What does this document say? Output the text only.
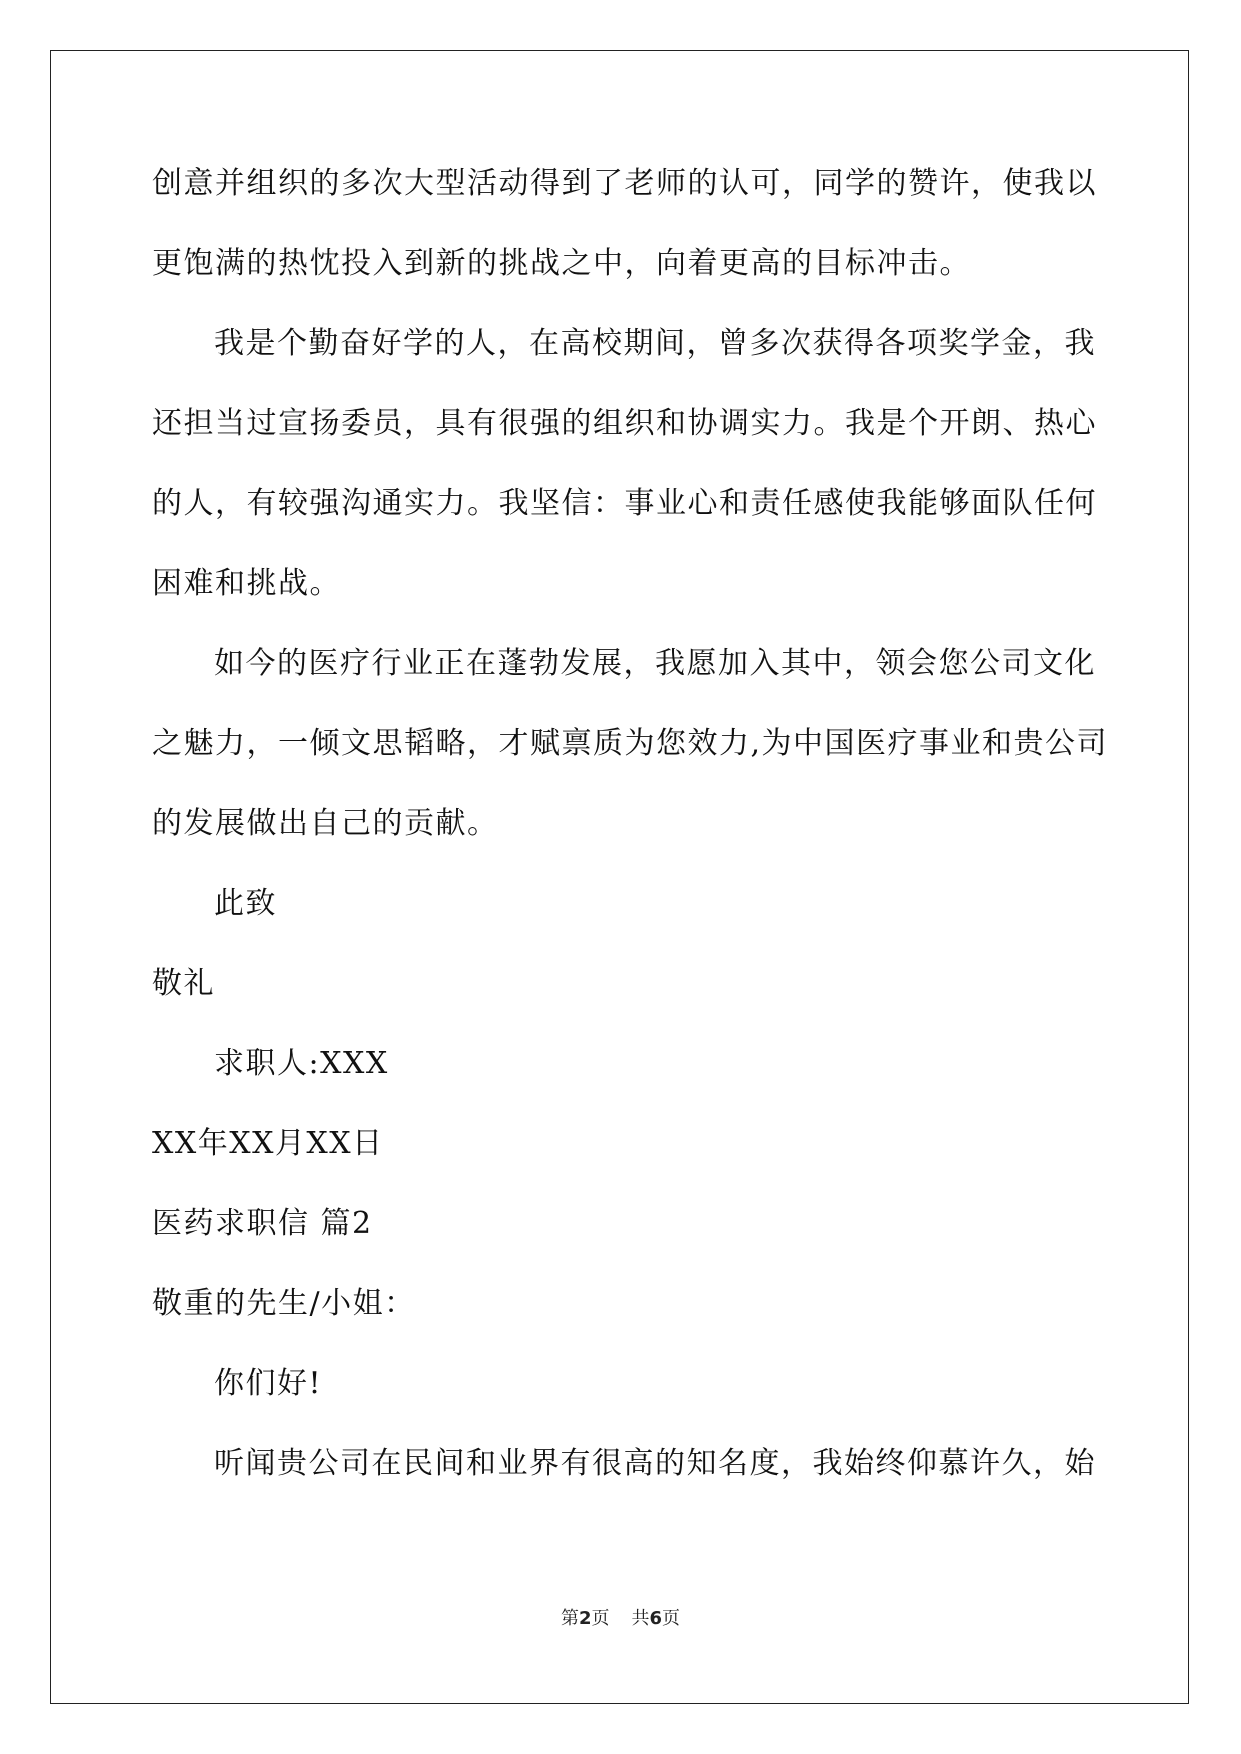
创意并组织的多次大型活动得到了老师的认可，同学的赞许，使我以
更饱满的热忱投入到新的挑战之中，向着更高的目标冲击。
我是个勤奋好学的人，在高校期间，曾多次获得各项奖学金，我
还担当过宣扬委员，具有很强的组织和协调实力。我是个开朗、热心
的人，有较强沟通实力。我坚信：事业心和责任感使我能够面队任何
困难和挑战。
如今的医疗行业正在蓬勃发展，我愿加入其中，领会您公司文化
之魅力，一倾文思韬略，才赋禀质为您效力,为中国医疗事业和贵公司
的发展做出自己的贡献。
此致
敬礼
求职人:XXX
XX年XX月XX日
医药求职信 篇2
敬重的先生/小姐：
你们好!
听闻贵公司在民间和业界有很高的知名度，我始终仰慕许久，始
第2页 共6页
